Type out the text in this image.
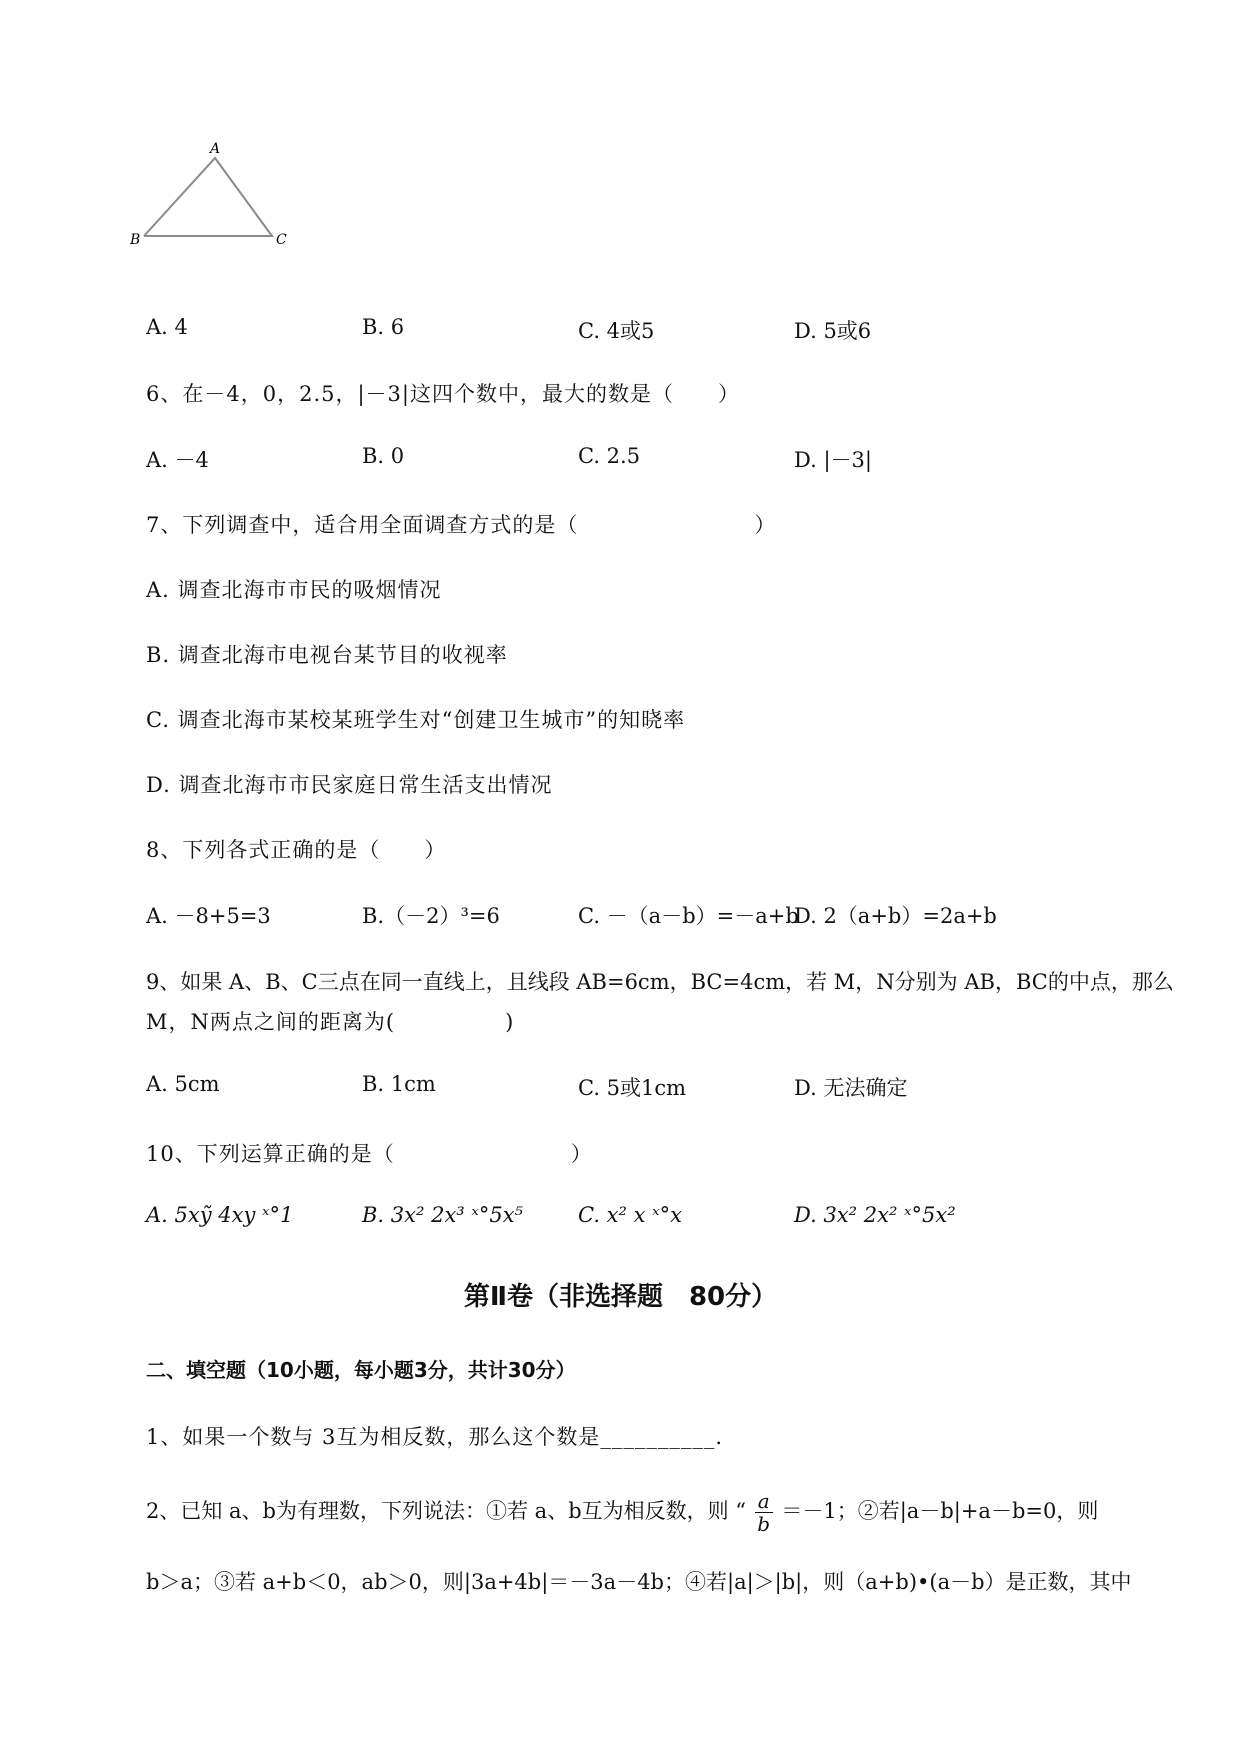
A
B	C
A. 4	B. 6	C. 4或5	D. 5或6
6、在－4，0，2.5，|－3|这四个数中，最大的数是（　　）
A. －4	B. 0	C. 2.5	D. |－3|
7、下列调查中，适合用全面调查方式的是（　　　　　　　　）
A. 调查北海市市民的吸烟情况
B. 调查北海市电视台某节目的收视率
C. 调查北海市某校某班学生对“创建卫生城市”的知晓率
D. 调查北海市市民家庭日常生活支出情况
8、下列各式正确的是（　　）
A. －8+5=3	B.（－2）³=6	C. －（a－b）=－a+b
D. 2（a+b）=2a+b
9、如果 A、B、C三点在同一直线上，且线段 AB=6cm，BC=4cm，若 M，N分别为 AB，BC的中点，那么
M，N两点之间的距离为(　　　　　)
A. 5cm	B. 1cm	C. 5或1cm	D. 无法确定
10、下列运算正确的是（　　　　　　　　）
A. 5xỹ 4xy ˣ°1	B. 3x² 2x³ ˣ°5x⁵	C. x² x ˣ°x	D. 3x² 2x² ˣ°5x²
第Ⅱ卷（非选择题　80分）
二、填空题（10小题，每小题3分，共计30分）
1、如果一个数与 3互为相反数，那么这个数是__________.
2、已知 a、b为有理数，下列说法：①若 a、b互为相反数，则 “ $\frac{a}{b} =-1$；②若|a－b|+a－b=0，则
b＞a；③若 a+b＜0，ab＞0，则|3a+4b|＝－3a－4b；④若|a|＞|b|，则（a+b)•(a－b）是正数，其中
